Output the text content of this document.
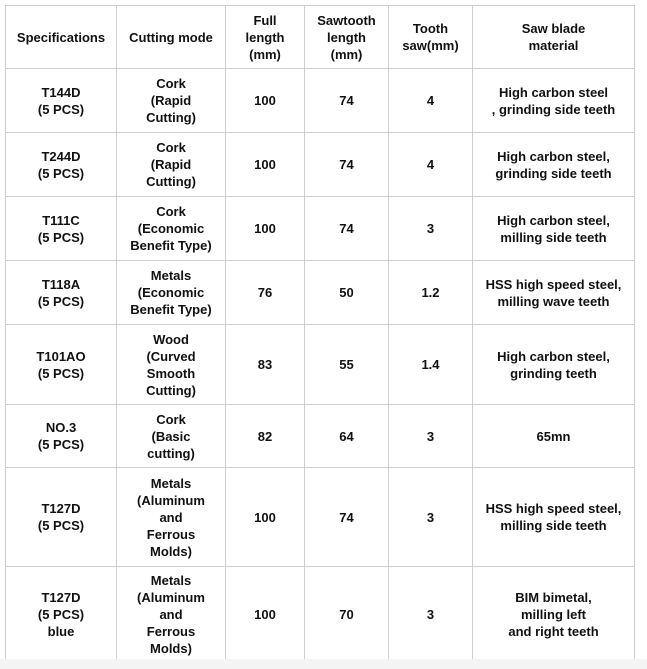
Specifications	Cutting mode	Full
length
(mm)	Sawtooth
length
(mm)	Tooth
saw(mm)	Saw blade
material
T144D
(5 PCS)	Cork
(Rapid
Cutting)	100	74	4	High carbon steel
, grinding side teeth
T244D
(5 PCS)	Cork
(Rapid
Cutting)	100	74	4	High carbon steel,
grinding side teeth
T111C
(5 PCS)	Cork
(Economic
Benefit Type)	100	74	3	High carbon steel,
milling side teeth
T118A
(5 PCS)	Metals
(Economic
Benefit Type)	76	50	1.2	HSS high speed steel,
milling wave teeth
T101AO
(5 PCS)	Wood
(Curved
Smooth
Cutting)	83	55	1.4	High carbon steel,
grinding teeth
NO.3
(5 PCS)	Cork
(Basic
cutting)	82	64	3	65mn
T127D
(5 PCS)	Metals
(Aluminum
and
Ferrous
Molds)	100	74	3	HSS high speed steel,
milling side teeth
T127D
(5 PCS)
blue	Metals
(Aluminum
and
Ferrous
Molds)	100	70	3	BIM bimetal,
milling left
and right teeth
